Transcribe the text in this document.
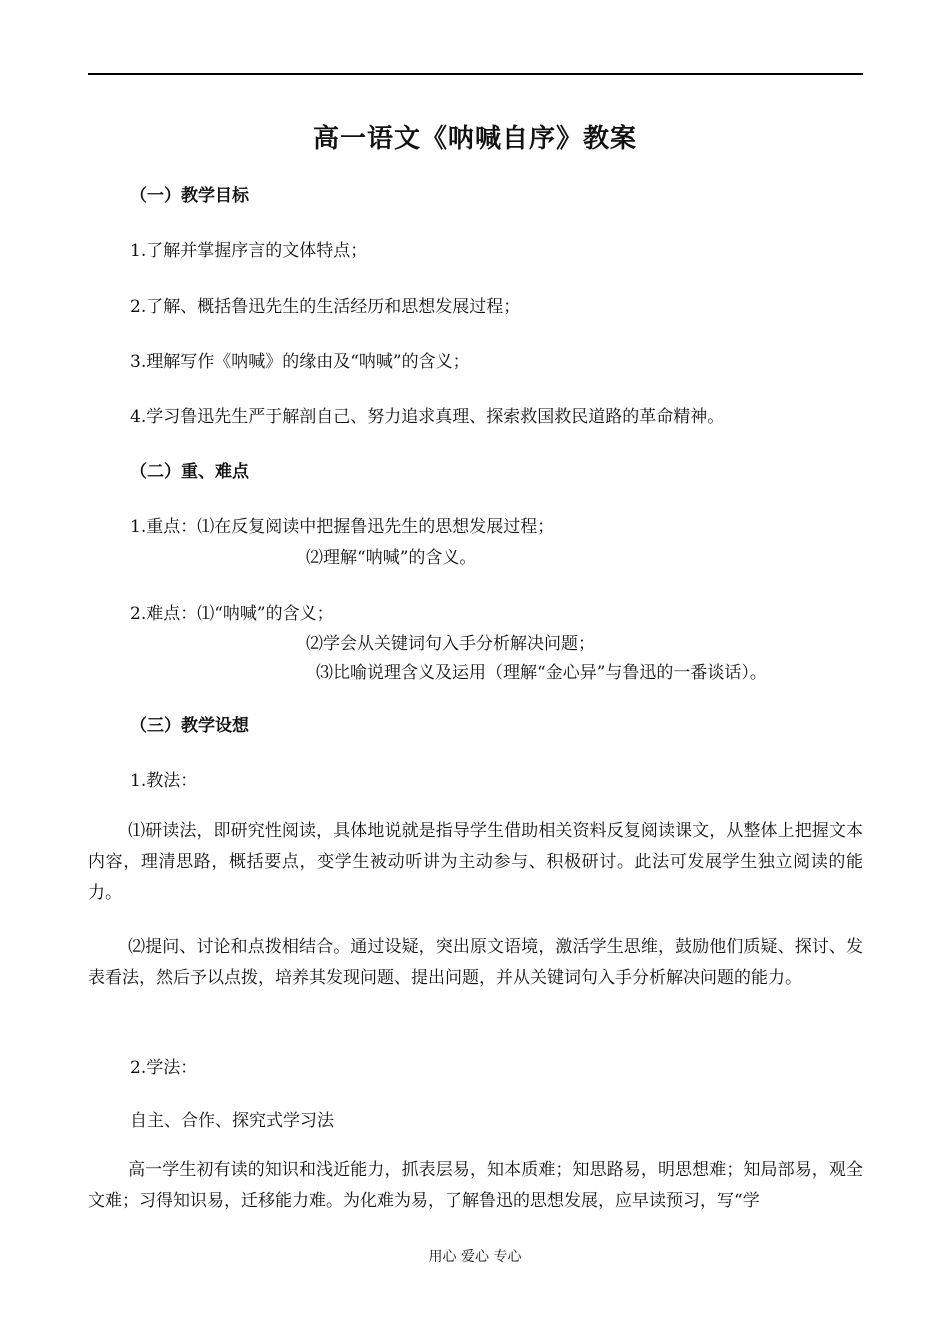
高一语文《呐喊自序》教案
（一）教学目标
1.了解并掌握序言的文体特点；
2.了解、概括鲁迅先生的生活经历和思想发展过程；
3.理解写作《呐喊》的缘由及“呐喊”的含义；
4.学习鲁迅先生严于解剖自己、努力追求真理、探索救国救民道路的革命精神。
（二）重、难点
1.重点：⑴在反复阅读中把握鲁迅先生的思想发展过程；
⑵理解“呐喊”的含义。
2.难点：⑴“呐喊”的含义；
⑵学会从关键词句入手分析解决问题；
⑶比喻说理含义及运用（理解“金心异”与鲁迅的一番谈话）。
（三）教学设想
1.教法：
⑴研读法，即研究性阅读，具体地说就是指导学生借助相关资料反复阅读课文，从整体上把握文本内容，理清思路，概括要点，变学生被动听讲为主动参与、积极研讨。此法可发展学生独立阅读的能力。
⑵提问、讨论和点拨相结合。通过设疑，突出原文语境，激活学生思维，鼓励他们质疑、探讨、发表看法，然后予以点拨，培养其发现问题、提出问题，并从关键词句入手分析解决问题的能力。
2.学法：
自主、合作、探究式学习法
高一学生初有读的知识和浅近能力，抓表层易，知本质难；知思路易，明思想难；知局部易，观全文难；习得知识易，迁移能力难。为化难为易，了解鲁迅的思想发展，应早读预习，写“学
用心 爱心 专心
